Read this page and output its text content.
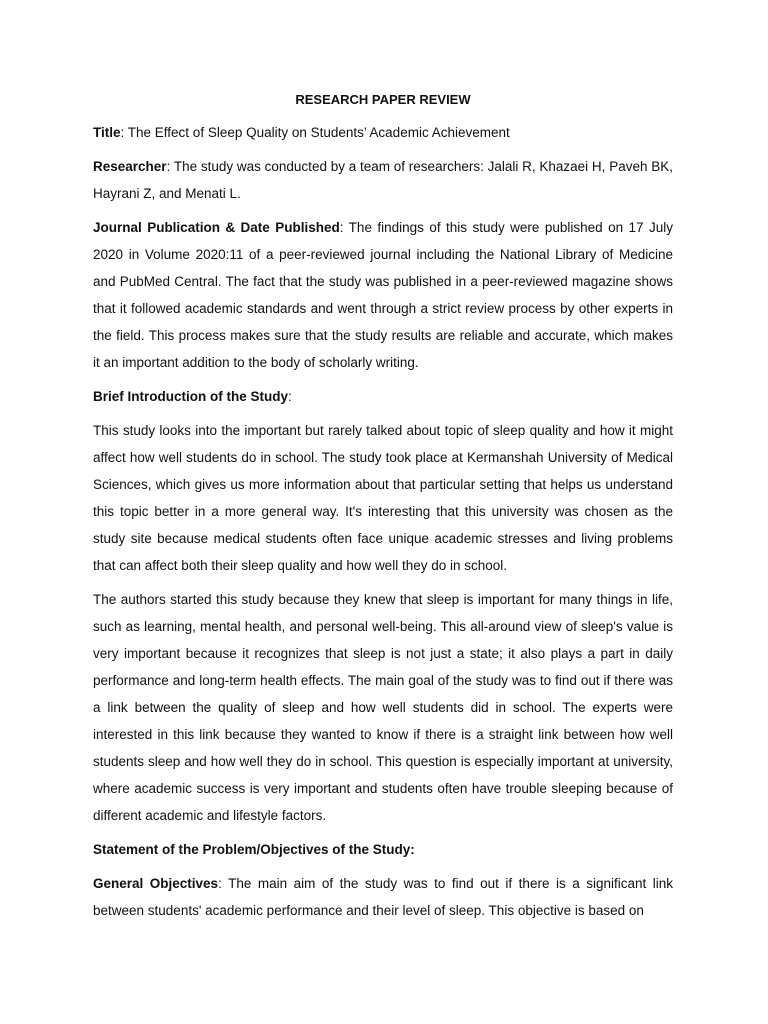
RESEARCH PAPER REVIEW

Title: The Effect of Sleep Quality on Students’ Academic Achievement

Researcher: The study was conducted by a team of researchers: Jalali R, Khazaei H, Paveh BK, Hayrani Z, and Menati L.

Journal Publication & Date Published: The findings of this study were published on 17 July 2020 in Volume 2020:11 of a peer-reviewed journal including the National Library of Medicine and PubMed Central. The fact that the study was published in a peer-reviewed magazine shows that it followed academic standards and went through a strict review process by other experts in the field. This process makes sure that the study results are reliable and accurate, which makes it an important addition to the body of scholarly writing.

Brief Introduction of the Study:

This study looks into the important but rarely talked about topic of sleep quality and how it might affect how well students do in school. The study took place at Kermanshah University of Medical Sciences, which gives us more information about that particular setting that helps us understand this topic better in a more general way. It's interesting that this university was chosen as the study site because medical students often face unique academic stresses and living problems that can affect both their sleep quality and how well they do in school.

The authors started this study because they knew that sleep is important for many things in life, such as learning, mental health, and personal well-being. This all-around view of sleep's value is very important because it recognizes that sleep is not just a state; it also plays a part in daily performance and long-term health effects. The main goal of the study was to find out if there was a link between the quality of sleep and how well students did in school. The experts were interested in this link because they wanted to know if there is a straight link between how well students sleep and how well they do in school. This question is especially important at university, where academic success is very important and students often have trouble sleeping because of different academic and lifestyle factors.

Statement of the Problem/Objectives of the Study:

General Objectives: The main aim of the study was to find out if there is a significant link between students' academic performance and their level of sleep. This objective is based on
